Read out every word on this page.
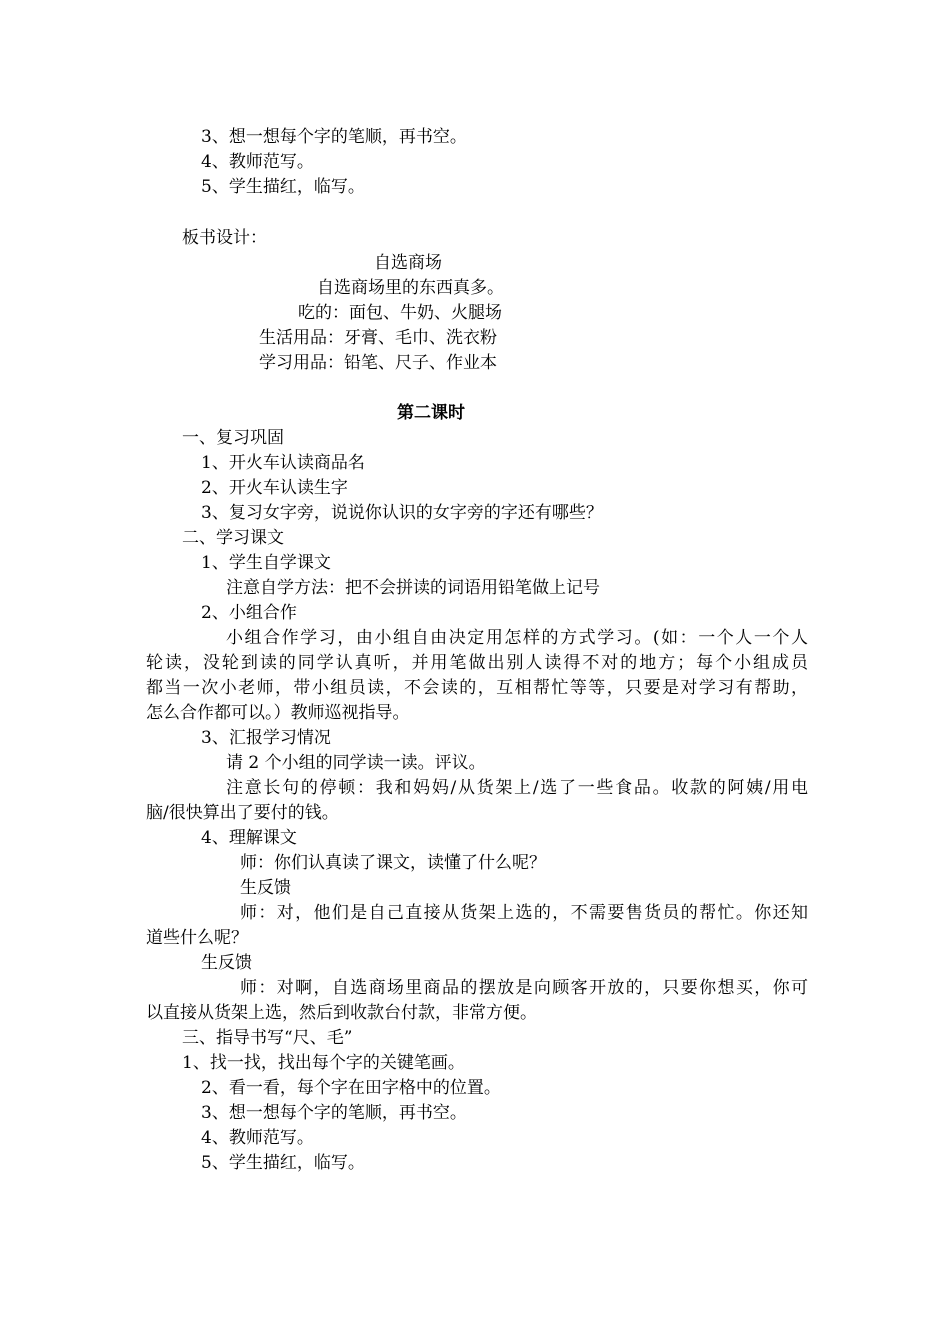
3、想一想每个字的笔顺，再书空。
4、教师范写。
5、学生描红，临写。
板书设计：
自选商场
自选商场里的东西真多。
吃的：面包、牛奶、火腿场
生活用品：牙膏、毛巾、洗衣粉
学习用品：铅笔、尺子、作业本
第二课时
一、复习巩固
1、开火车认读商品名
2、开火车认读生字
3、复习女字旁，说说你认识的女字旁的字还有哪些？
二、学习课文
1、学生自学课文
注意自学方法：把不会拼读的词语用铅笔做上记号
2、小组合作
小组合作学习，由小组自由决定用怎样的方式学习。(如：一个人一个人
轮读，没轮到读的同学认真听，并用笔做出别人读得不对的地方；每个小组成员
都当一次小老师，带小组员读，不会读的，互相帮忙等等，只要是对学习有帮助，
怎么合作都可以。）教师巡视指导。
3、汇报学习情况
请 2 个小组的同学读一读。评议。
注意长句的停顿：我和妈妈/从货架上/选了一些食品。收款的阿姨/用电
脑/很快算出了要付的钱。
4、理解课文
师：你们认真读了课文，读懂了什么呢？
生反馈
师：对，他们是自己直接从货架上选的，不需要售货员的帮忙。你还知
道些什么呢？
生反馈
师：对啊，自选商场里商品的摆放是向顾客开放的，只要你想买，你可
以直接从货架上选，然后到收款台付款，非常方便。
三、指导书写“尺、毛”
1、找一找，找出每个字的关键笔画。
2、看一看，每个字在田字格中的位置。
3、想一想每个字的笔顺，再书空。
4、教师范写。
5、学生描红，临写。
